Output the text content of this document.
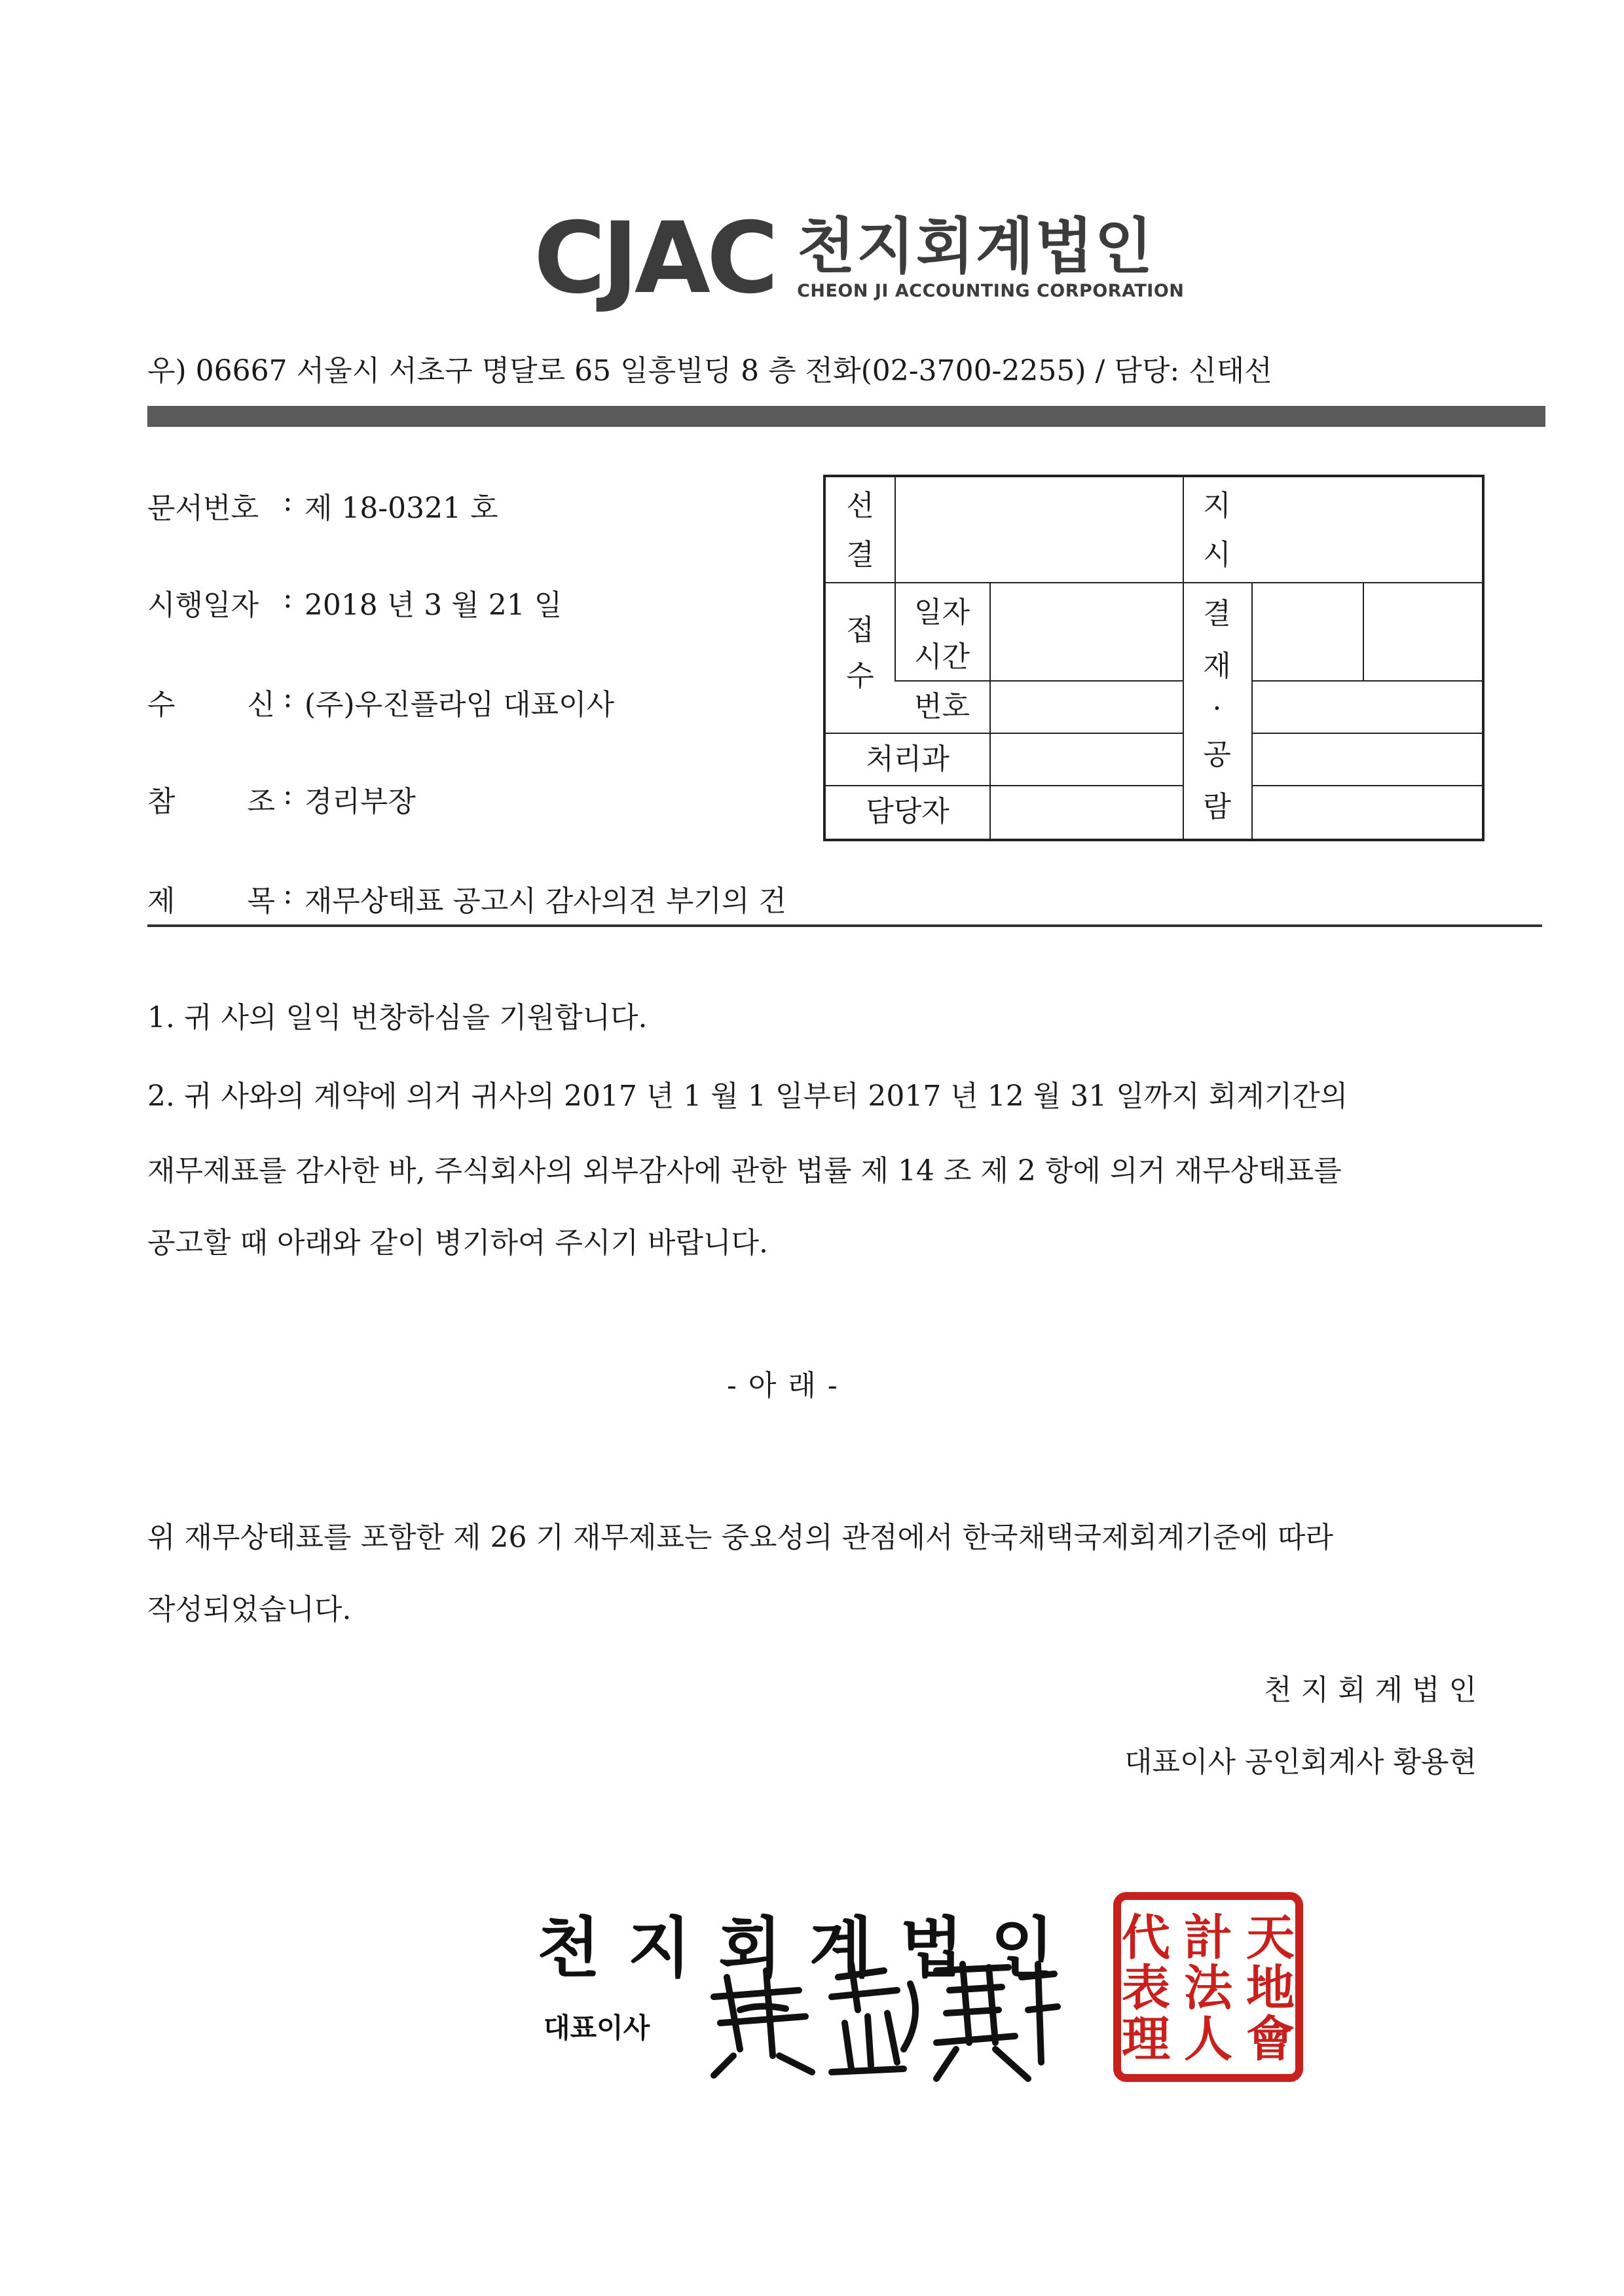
CJAC 천지회계법인
CHEON JI ACCOUNTING CORPORATION
우) 06667 서울시 서초구 명달로 65 일흥빌딩 8 층 전화(02-3700-2255) / 담당: 신태선
문서번호 : 제 18-0321 호
시행일자 : 2018 년 3 월 21 일
수 신 : (주)우진플라임 대표이사
참 조 : 경리부장
제 목 : 재무상태표 공고시 감사의견 부기의 건
선
결
접
수
일자
시간
번호
처리과
담당자
지
시
결
재
·
공
람
1. 귀 사의 일익 번창하심을 기원합니다.
2. 귀 사와의 계약에 의거 귀사의 2017 년 1 월 1 일부터 2017 년 12 월 31 일까지 회계기간의
재무제표를 감사한 바, 주식회사의 외부감사에 관한 법률 제 14 조 제 2 항에 의거 재무상태표를
공고할 때 아래와 같이 병기하여 주시기 바랍니다.
- 아 래 -
위 재무상태표를 포함한 제 26 기 재무제표는 중요성의 관점에서 한국채택국제회계기준에 따라
작성되었습니다.
천 지 회 계 법 인
대표이사 공인회계사 황용현
천지회계법인
대표이사
天
地
會
計
法
人
代
表
理
